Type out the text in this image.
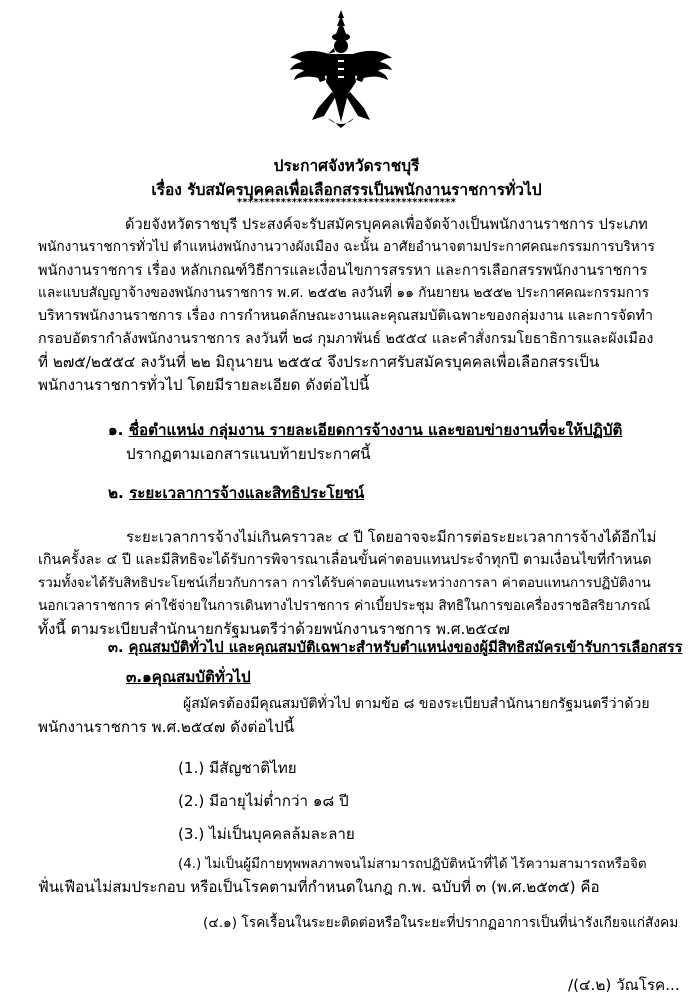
ประกาศจังหวัดราชบุรี
เรื่อง รับสมัครบุคคลเพื่อเลือกสรรเป็นพนักงานราชการทั่วไป
****************************************
ด้วยจังหวัดราชบุรี ประสงค์จะรับสมัครบุคคลเพื่อจัดจ้างเป็นพนักงานราชการ ประเภท
พนักงานราชการทั่วไป ตำแหน่งพนักงานวางผังเมือง ฉะนั้น อาศัยอำนาจตามประกาศคณะกรรมการบริหาร
พนักงานราชการ เรื่อง หลักเกณฑ์วิธีการและเงื่อนไขการสรรหา และการเลือกสรรพนักงานราชการ
และแบบสัญญาจ้างของพนักงานราชการ พ.ศ. ๒๕๕๒ ลงวันที่ ๑๑ กันยายน ๒๕๕๒ ประกาศคณะกรรมการ
บริหารพนักงานราชการ เรื่อง การกำหนดลักษณะงานและคุณสมบัติเฉพาะของกลุ่มงาน และการจัดทำ
กรอบอัตรากำลังพนักงานราชการ ลงวันที่ ๒๘ กุมภาพันธ์ ๒๕๕๔ และคำสั่งกรมโยธาธิการและผังเมือง
ที่ ๒๗๕/๒๕๕๔ ลงวันที่ ๒๒ มิถุนายน ๒๕๕๔ จึงประกาศรับสมัครบุคคลเพื่อเลือกสรรเป็น
พนักงานราชการทั่วไป โดยมีรายละเอียด ดังต่อไปนี้
๑. ชื่อตำแหน่ง กลุ่มงาน รายละเอียดการจ้างงาน และขอบข่ายงานที่จะให้ปฏิบัติ
ปรากฏตามเอกสารแนบท้ายประกาศนี้
๒. ระยะเวลาการจ้างและสิทธิประโยชน์
ระยะเวลาการจ้างไม่เกินคราวละ ๔ ปี โดยอาจจะมีการต่อระยะเวลาการจ้างได้อีกไม่
เกินครั้งละ ๔ ปี และมีสิทธิจะได้รับการพิจารณาเลื่อนขั้นค่าตอบแทนประจำทุกปี ตามเงื่อนไขที่กำหนด
รวมทั้งจะได้รับสิทธิประโยชน์เกี่ยวกับการลา การได้รับค่าตอบแทนระหว่างการลา ค่าตอบแทนการปฏิบัติงาน
นอกเวลาราชการ ค่าใช้จ่ายในการเดินทางไปราชการ ค่าเบี้ยประชุม สิทธิในการขอเครื่องราชอิสริยาภรณ์
ทั้งนี้ ตามระเบียบสำนักนายกรัฐมนตรีว่าด้วยพนักงานราชการ พ.ศ.๒๕๔๗
๓. คุณสมบัติทั่วไป และคุณสมบัติเฉพาะสำหรับตำแหน่งของผู้มีสิทธิสมัครเข้ารับการเลือกสรร
๓.๑คุณสมบัติทั่วไป
ผู้สมัครต้องมีคุณสมบัติทั่วไป ตามข้อ ๘ ของระเบียบสำนักนายกรัฐมนตรีว่าด้วย
พนักงานราชการ พ.ศ.๒๕๔๗ ดังต่อไปนี้
(1.) มีสัญชาติไทย
(2.) มีอายุไม่ต่ำกว่า ๑๘ ปี
(3.) ไม่เป็นบุคคลล้มละลาย
(4.) ไม่เป็นผู้มีกายทุพพลภาพจนไม่สามารถปฏิบัติหน้าที่ได้ ไร้ความสามารถหรือจิต
ฟั่นเฟือนไม่สมประกอบ หรือเป็นโรคตามที่กำหนดในกฎ ก.พ. ฉบับที่ ๓ (พ.ศ.๒๕๓๕) คือ
(๔.๑) โรคเรื้อนในระยะติดต่อหรือในระยะที่ปรากฏอาการเป็นที่น่ารังเกียจแก่สังคม
/(๔.๒) วัณโรค...
